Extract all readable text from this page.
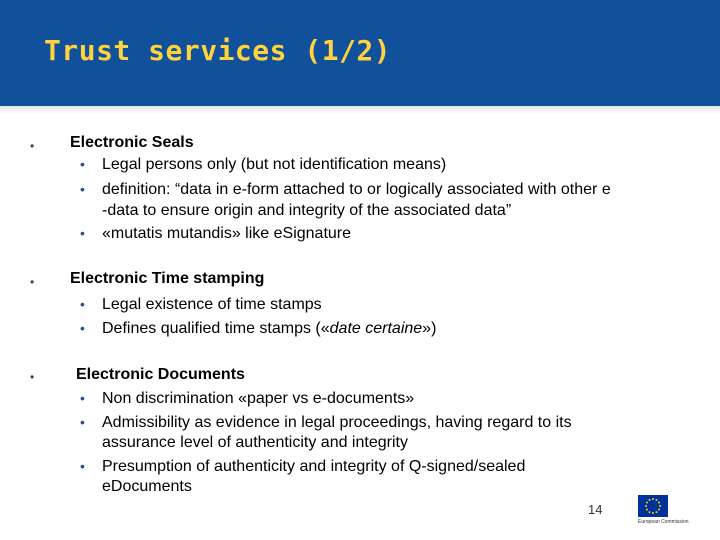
Trust services (1/2)
• Electronic Seals
• Legal persons only (but not identification means)
• definition: “data in e-form attached to or logically associated with other e
-data to ensure origin and integrity of the associated data”
• «mutatis mutandis» like eSignature
• Electronic Time stamping
• Legal existence of time stamps
• Defines qualified time stamps («date certaine»)
•	Electronic Documents
• Non discrimination «paper vs e-documents»
• Admissibility as evidence in legal proceedings, having regard to its
assurance level of authenticity and integrity
• Presumption of authenticity and integrity of Q-signed/sealed
eDocuments
14
European Commission
